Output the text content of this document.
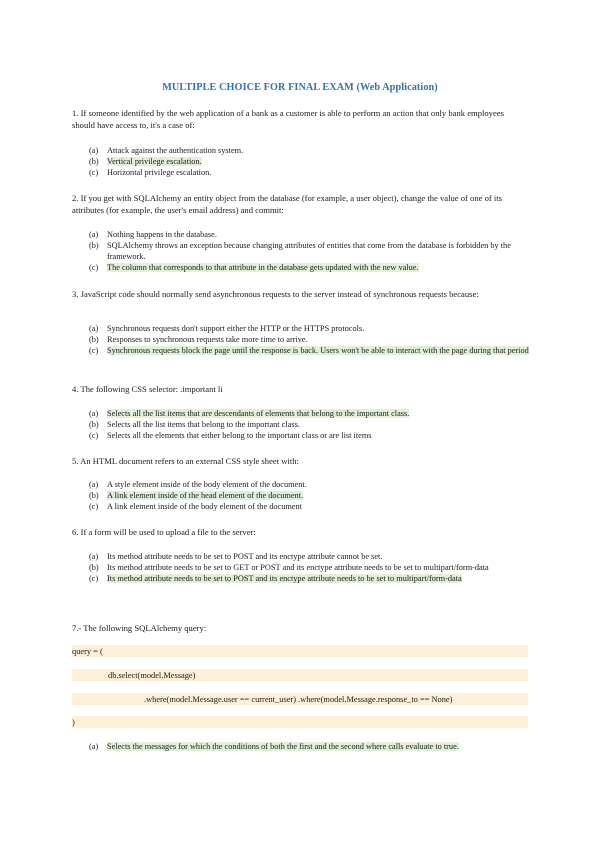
MULTIPLE CHOICE FOR FINAL EXAM (Web Application)
1. If someone identified by the web application of a bank as a customer is able to perform an action that only bank employees should have access to, it's a case of:
(a) Attack against the authentication system.
(b) Vertical privilege escalation.
(c) Horizontal privilege escalation.
2. If you get with SQLAlchemy an entity object from the database (for example, a user object), change the value of one of its attributes (for example, the user's email address) and commit:
(a) Nothing happens in the database.
(b) SQLAlchemy throws an exception because changing attributes of entities that come from the database is forbidden by the framework.
(c) The column that corresponds to that attribute in the database gets updated with the new value.
3. JavaScript code should normally send asynchronous requests to the server instead of synchronous requests because:
(a) Synchronous requests don't support either the HTTP or the HTTPS protocols.
(b) Responses to synchronous requests take more time to arrive.
(c) Synchronous requests block the page until the response is back. Users won't be able to interact with the page during that period
4. The following CSS selector: .important li
(a) Selects all the list items that are descendants of elements that belong to the important class.
(b) Selects all the list items that belong to the important class.
(c) Selects all the elements that either belong to the important class or are list items
5. An HTML document refers to an external CSS style sheet with:
(a) A style element inside of the body element of the document.
(b) A link element inside of the head element of the document.
(c) A link element inside of the body element of the document
6. If a form will be used to upload a file to the server:
(a) Its method attribute needs to be set to POST and its enctype attribute cannot be set.
(b) Its method attribute needs to be set to GET or POST and its enctype attribute needs to be set to multipart/form-data
(c) Its method attribute needs to be set to POST and its enctype attribute needs to be set to multipart/form-data
7.- The following SQLAlchemy query:
query = (
db.select(model.Message)
.where(model.Message.user == current_user) .where(model.Message.response_to == None)
)
(a) Selects the messages for which the conditions of both the first and the second where calls evaluate to true.
